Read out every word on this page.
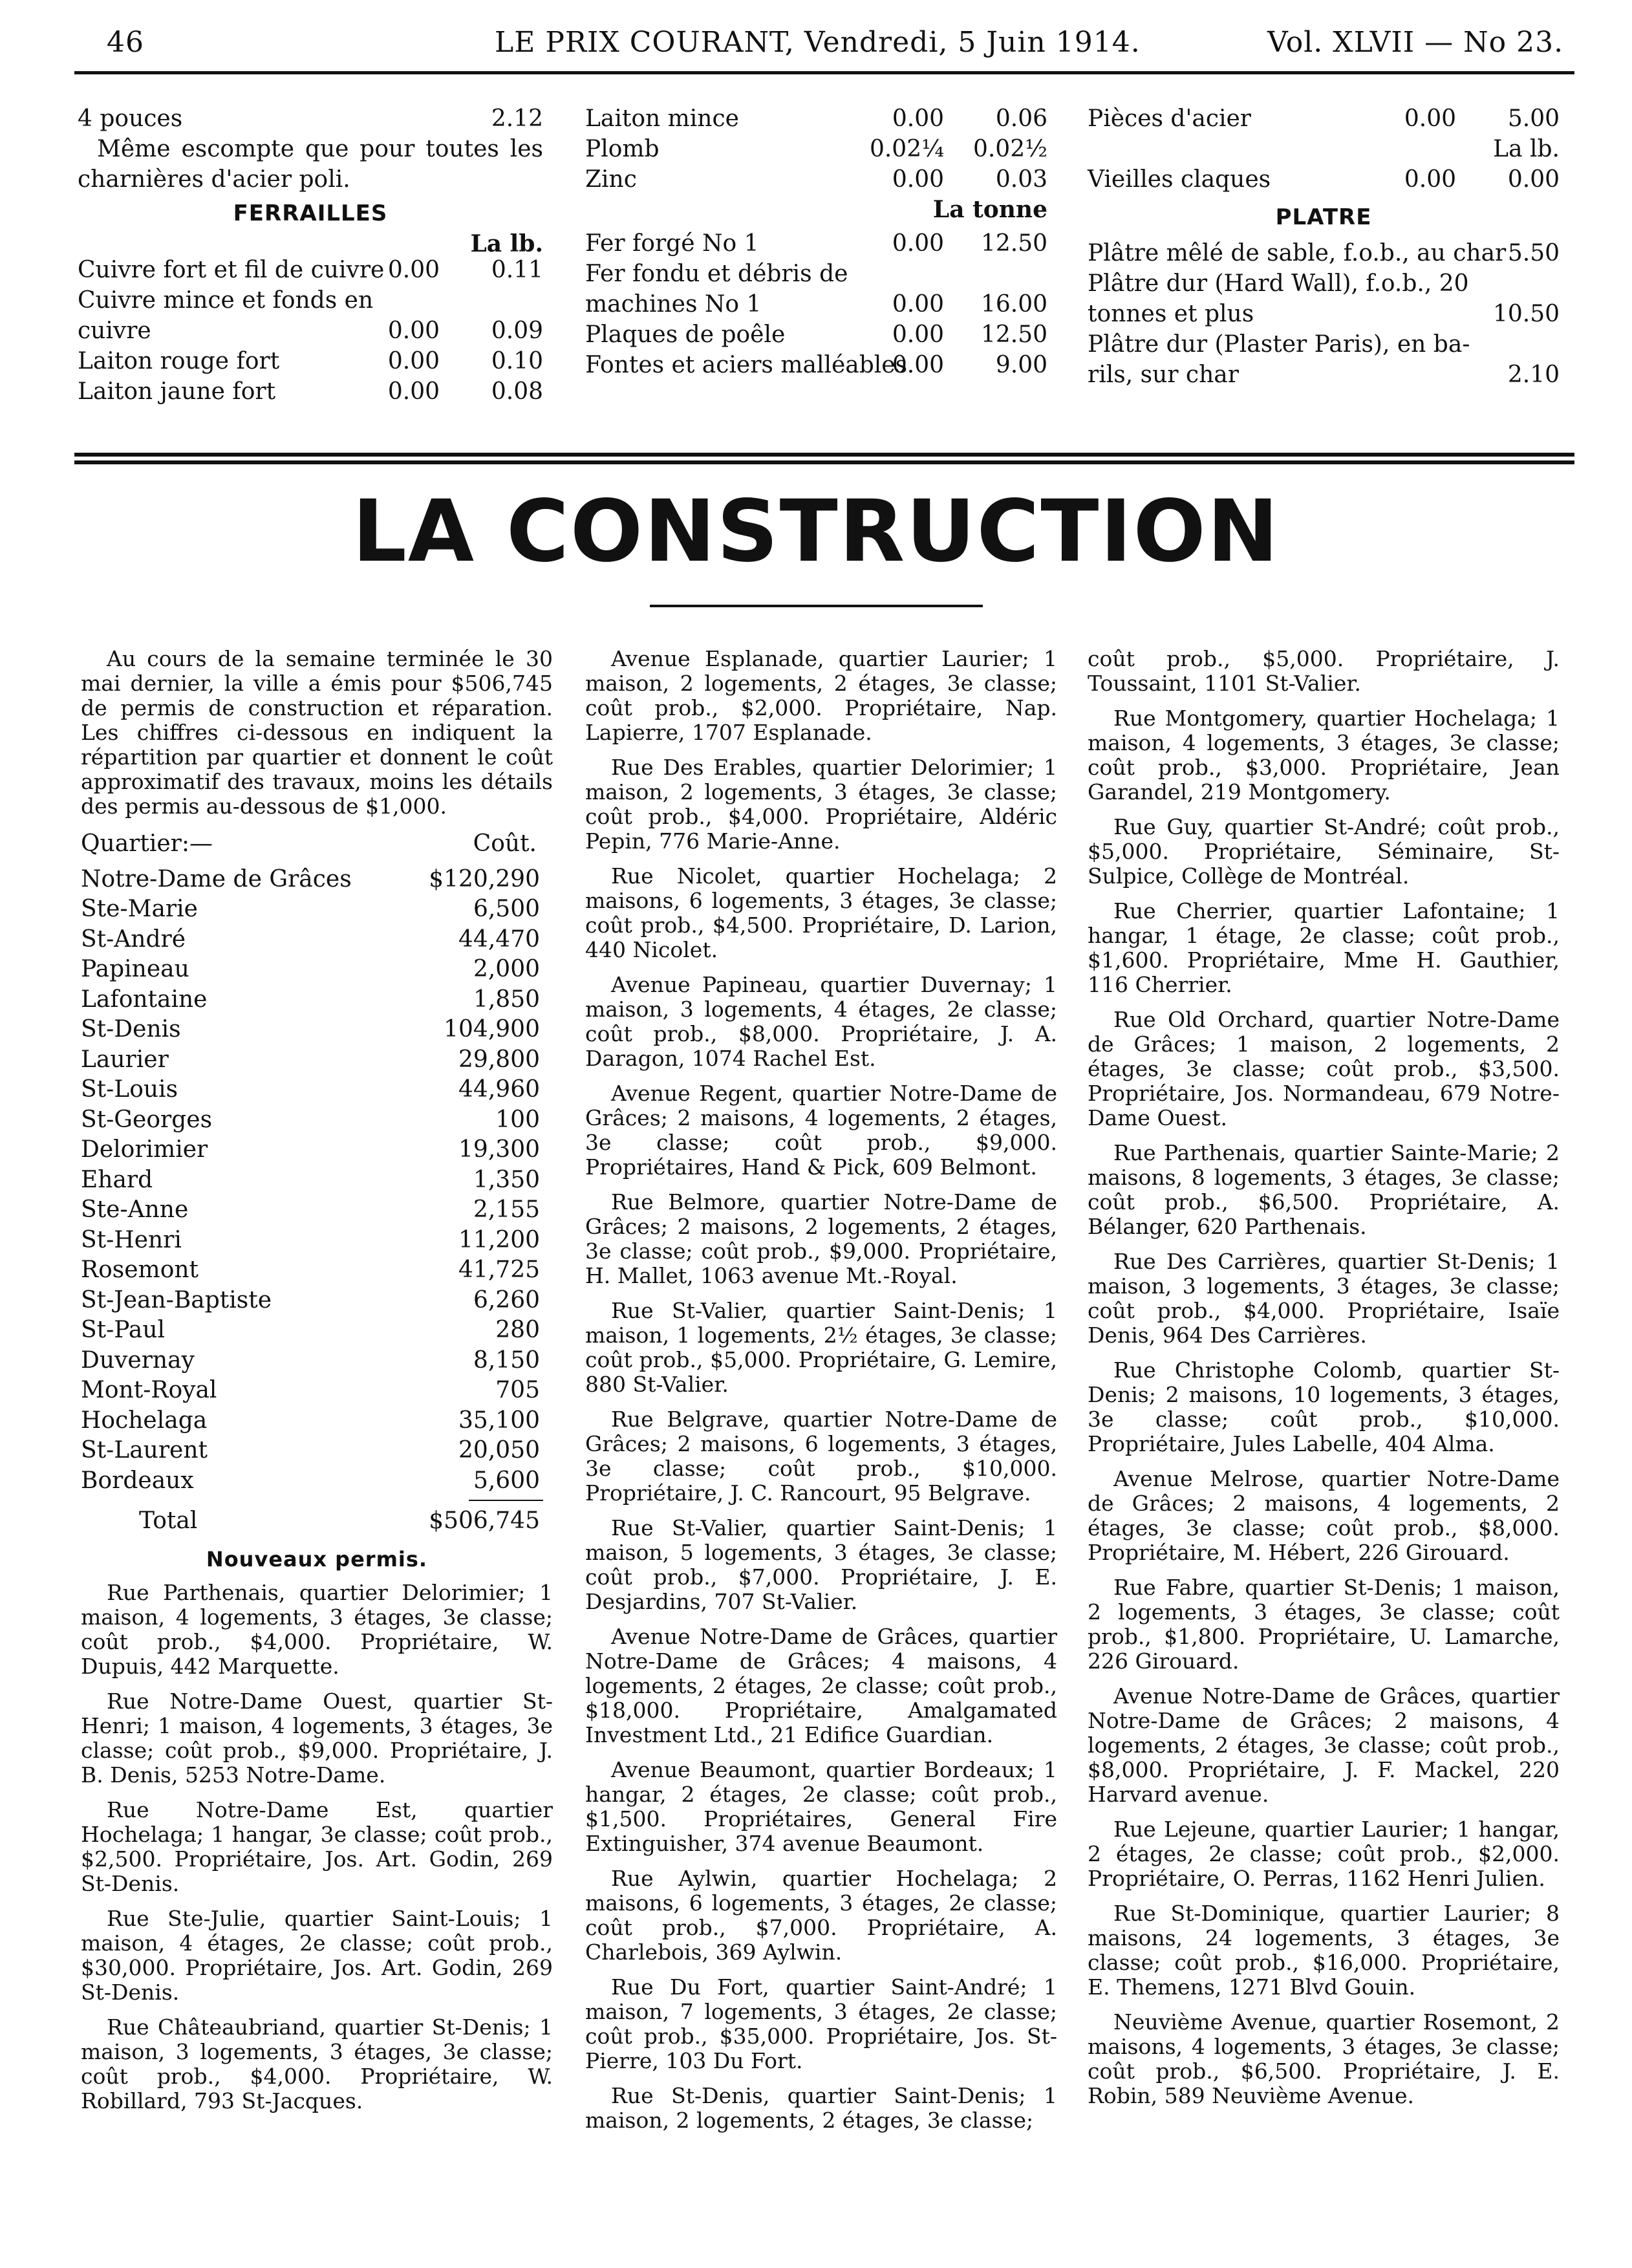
46	LE PRIX COURANT, Vendredi, 5 Juin 1914.	Vol. XLVII — No 23.
4 pouces	2.12
Même escompte que pour toutes les charnières d'acier poli.
FERRAILLES
La lb.
Cuivre fort et fil de cuivre 0.00 0.11
Cuivre mince et fonds en
cuivre	0.00 0.09
Laiton rouge fort	0.00 0.10
Laiton jaune fort	0.00 0.08
Laiton mince	0.00 0.06
Plomb	0.02¼ 0.02½
Zinc	0.00 0.03
La tonne
Fer forgé No 1	0.00 12.50
Fer fondu et débris de
machines No 1	0.00 16.00
Plaques de poêle	0.00 12.50
Fontes et aciers malléables
0.00 9.00
Pièces d'acier	0.00 5.00
La lb.
Vieilles claques	0.00 0.00
PLATRE
Plâtre mêlé de sable, f.o.b., au char 5.50
Plâtre dur (Hard Wall), f.o.b., 20
tonnes et plus	10.50
Plâtre dur (Plaster Paris), en ba-
rils, sur char	2.10
LA CONSTRUCTION

Au cours de la semaine terminée le 30 mai dernier, la ville a émis pour $506,745 de permis de construction et réparation. Les chiffres ci-dessous en indiquent la répartition par quartier et donnent le coût approximatif des travaux, moins les détails des permis au-dessous de $1,000.

Quartier:—	Coût.
Notre-Dame de Grâces	$120,290
Ste-Marie	6,500
St-André	44,470
Papineau	2,000
Lafontaine	1,850
St-Denis	104,900
Laurier	29,800
St-Louis	44,960
St-Georges	100
Delorimier	19,300
Ehard	1,350
Ste-Anne	2,155
St-Henri	11,200
Rosemont	41,725
St-Jean-Baptiste	6,260
St-Paul	280
Duvernay	8,150
Mont-Royal	705
Hochelaga	35,100
St-Laurent	20,050
Bordeaux	5,600
Total	$506,745
Nouveaux permis.

Rue Parthenais, quartier Delorimier; 1 maison, 4 logements, 3 étages, 3e classe; coût prob., $4,000. Propriétaire, W. Dupuis, 442 Marquette.

Rue Notre-Dame Ouest, quartier St-Henri; 1 maison, 4 logements, 3 étages, 3e classe; coût prob., $9,000. Propriétaire, J. B. Denis, 5253 Notre-Dame.

Rue Notre-Dame Est, quartier Hochelaga; 1 hangar, 3e classe; coût prob., $2,500. Propriétaire, Jos. Art. Godin, 269 St-Denis.

Rue Ste-Julie, quartier Saint-Louis; 1 maison, 4 étages, 2e classe; coût prob., $30,000. Propriétaire, Jos. Art. Godin, 269 St-Denis.

Rue Châteaubriand, quartier St-Denis; 1 maison, 3 logements, 3 étages, 3e classe; coût prob., $4,000. Propriétaire, W. Robillard, 793 St-Jacques.

Avenue Esplanade, quartier Laurier; 1 maison, 2 logements, 2 étages, 3e classe; coût prob., $2,000. Propriétaire, Nap. Lapierre, 1707 Esplanade.

Rue Des Erables, quartier Delorimier; 1 maison, 2 logements, 3 étages, 3e classe; coût prob., $4,000. Propriétaire, Aldéric Pepin, 776 Marie-Anne.

Rue Nicolet, quartier Hochelaga; 2 maisons, 6 logements, 3 étages, 3e classe; coût prob., $4,500. Propriétaire, D. Larion, 440 Nicolet.

Avenue Papineau, quartier Duvernay; 1 maison, 3 logements, 4 étages, 2e classe; coût prob., $8,000. Propriétaire, J. A. Daragon, 1074 Rachel Est.

Avenue Regent, quartier Notre-Dame de Grâces; 2 maisons, 4 logements, 2 étages, 3e classe; coût prob., $9,000. Propriétaires, Hand & Pick, 609 Belmont.

Rue Belmore, quartier Notre-Dame de Grâces; 2 maisons, 2 logements, 2 étages, 3e classe; coût prob., $9,000. Propriétaire, H. Mallet, 1063 avenue Mt.-Royal.

Rue St-Valier, quartier Saint-Denis; 1 maison, 1 logements, 2½ étages, 3e classe; coût prob., $5,000. Propriétaire, G. Lemire, 880 St-Valier.

Rue Belgrave, quartier Notre-Dame de Grâces; 2 maisons, 6 logements, 3 étages, 3e classe; coût prob., $10,000. Propriétaire, J. C. Rancourt, 95 Belgrave.

Rue St-Valier, quartier Saint-Denis; 1 maison, 5 logements, 3 étages, 3e classe; coût prob., $7,000. Propriétaire, J. E. Desjardins, 707 St-Valier.

Avenue Notre-Dame de Grâces, quartier Notre-Dame de Grâces; 4 maisons, 4 logements, 2 étages, 2e classe; coût prob., $18,000. Propriétaire, Amalgamated Investment Ltd., 21 Edifice Guardian.

Avenue Beaumont, quartier Bordeaux; 1 hangar, 2 étages, 2e classe; coût prob., $1,500. Propriétaires, General Fire Extinguisher, 374 avenue Beaumont.

Rue Aylwin, quartier Hochelaga; 2 maisons, 6 logements, 3 étages, 2e classe; coût prob., $7,000. Propriétaire, A. Charlebois, 369 Aylwin.

Rue Du Fort, quartier Saint-André; 1 maison, 7 logements, 3 étages, 2e classe; coût prob., $35,000. Propriétaire, Jos. St-Pierre, 103 Du Fort.

Rue St-Denis, quartier Saint-Denis; 1 maison, 2 logements, 2 étages, 3e classe;

coût prob., $5,000. Propriétaire, J. Toussaint, 1101 St-Valier.

Rue Montgomery, quartier Hochelaga; 1 maison, 4 logements, 3 étages, 3e classe; coût prob., $3,000. Propriétaire, Jean Garandel, 219 Montgomery.

Rue Guy, quartier St-André; coût prob., $5,000. Propriétaire, Séminaire, St-Sulpice, Collège de Montréal.

Rue Cherrier, quartier Lafontaine; 1 hangar, 1 étage, 2e classe; coût prob., $1,600. Propriétaire, Mme H. Gauthier, 116 Cherrier.

Rue Old Orchard, quartier Notre-Dame de Grâces; 1 maison, 2 logements, 2 étages, 3e classe; coût prob., $3,500. Propriétaire, Jos. Normandeau, 679 Notre-Dame Ouest.

Rue Parthenais, quartier Sainte-Marie; 2 maisons, 8 logements, 3 étages, 3e classe; coût prob., $6,500. Propriétaire, A. Bélanger, 620 Parthenais.

Rue Des Carrières, quartier St-Denis; 1 maison, 3 logements, 3 étages, 3e classe; coût prob., $4,000. Propriétaire, Isaïe Denis, 964 Des Carrières.

Rue Christophe Colomb, quartier St-Denis; 2 maisons, 10 logements, 3 étages, 3e classe; coût prob., $10,000. Propriétaire, Jules Labelle, 404 Alma.

Avenue Melrose, quartier Notre-Dame de Grâces; 2 maisons, 4 logements, 2 étages, 3e classe; coût prob., $8,000. Propriétaire, M. Hébert, 226 Girouard.

Rue Fabre, quartier St-Denis; 1 maison, 2 logements, 3 étages, 3e classe; coût prob., $1,800. Propriétaire, U. Lamarche, 226 Girouard.

Avenue Notre-Dame de Grâces, quartier Notre-Dame de Grâces; 2 maisons, 4 logements, 2 étages, 3e classe; coût prob., $8,000. Propriétaire, J. F. Mackel, 220 Harvard avenue.

Rue Lejeune, quartier Laurier; 1 hangar, 2 étages, 2e classe; coût prob., $2,000. Propriétaire, O. Perras, 1162 Henri Julien.

Rue St-Dominique, quartier Laurier; 8 maisons, 24 logements, 3 étages, 3e classe; coût prob., $16,000. Propriétaire, E. Themens, 1271 Blvd Gouin.

Neuvième Avenue, quartier Rosemont, 2 maisons, 4 logements, 3 étages, 3e classe; coût prob., $6,500. Propriétaire, J. E. Robin, 589 Neuvième Avenue.
